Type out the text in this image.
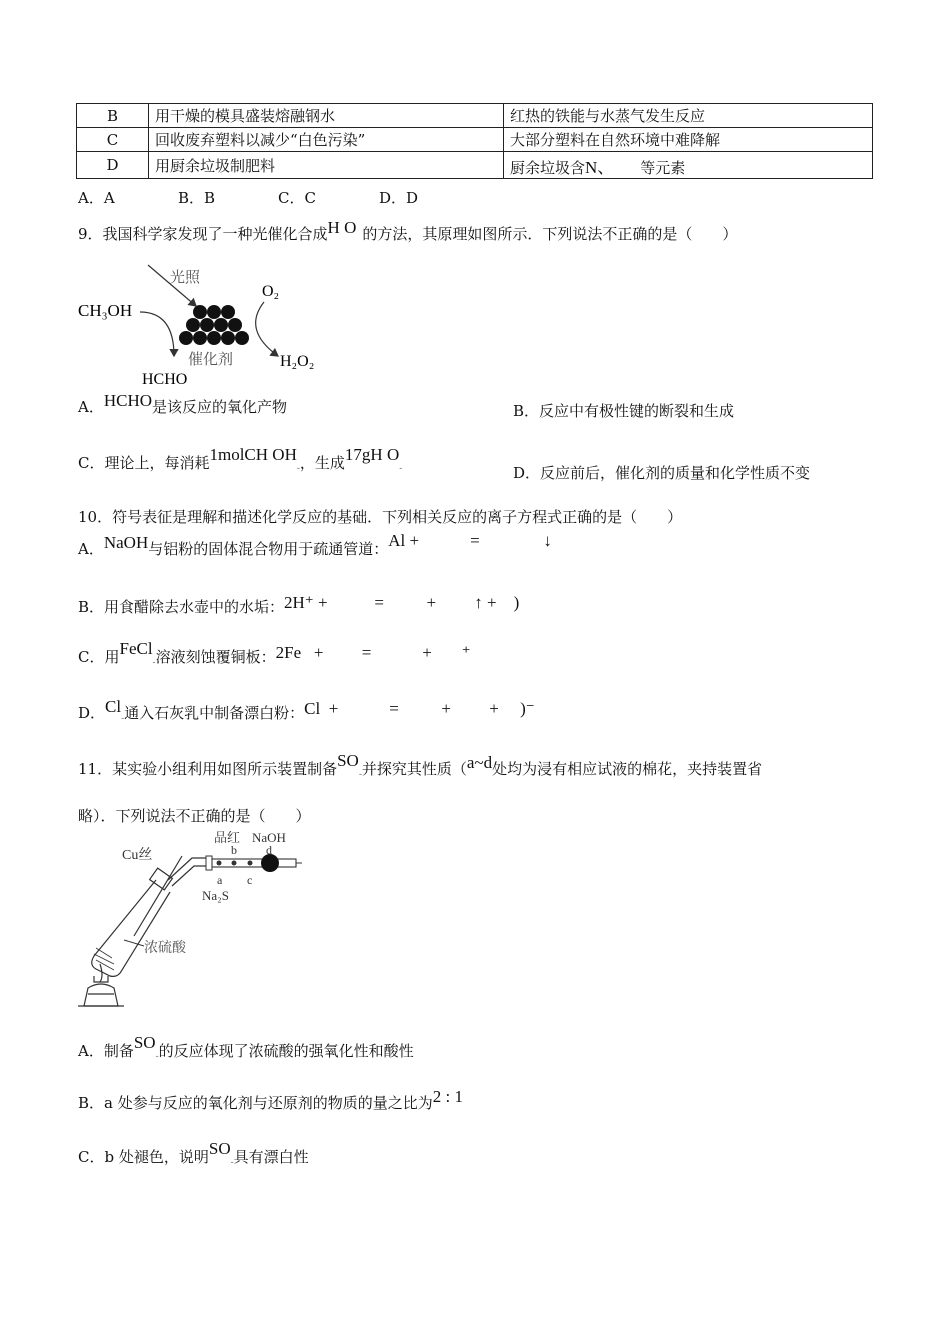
B	用干燥的模具盛装熔融钢水	红热的铁能与水蒸气发生反应
C	回收废弃塑料以减少“白色污染”	大部分塑料在自然环境中难降解
D	用厨余垃圾制肥料	厨余垃圾含N、 等元素
A．A	B．B	C．C	D．D
9．我国科学家发现了一种光催化合成H O 的方法，其原理如图所示．下列说法不正确的是（　　）
光照
CH₃OH
O₂
催化剂
HCHO
H₂O₂
A．HCHO是该反应的氧化产物	B．反应中有极性键的断裂和生成
C．理论上，每消耗1molCH $OH_-$，生成17gH $O_-$	D．反应前后，催化剂的质量和化学性质不变
10．符号表征是理解和描述化学反应的基础．下列相关反应的离子方程式正确的是（　　）
A．NaOH与铝粉的固体混合物用于疏通管道：Al +            =               ↓
B．用食醋除去水壶中的水垢：2H⁺ +           =          +         ↑ +    )
C．用FeCl$_-$溶液刻蚀覆铜板：2Fe   +         =            +       ⁺
D．$Cl_-$通入石灰乳中制备漂白粉：Cl  +            =          +         +     )⁻
11．某实验小组利用如图所示装置制备$SO_-$并探究其性质（a~d处均为浸有相应试液的棉花，夹持装置省
略）．下列说法不正确的是（　　）
Cu丝
品红 NaOH
b d
a c
Na₂S
浓硫酸
A．制备$SO_-$的反应体现了浓硫酸的强氧化性和酸性
B．a 处参与反应的氧化剂与还原剂的物质的量之比为2 : 1
C．b 处褪色，说明$SO_-$具有漂白性
